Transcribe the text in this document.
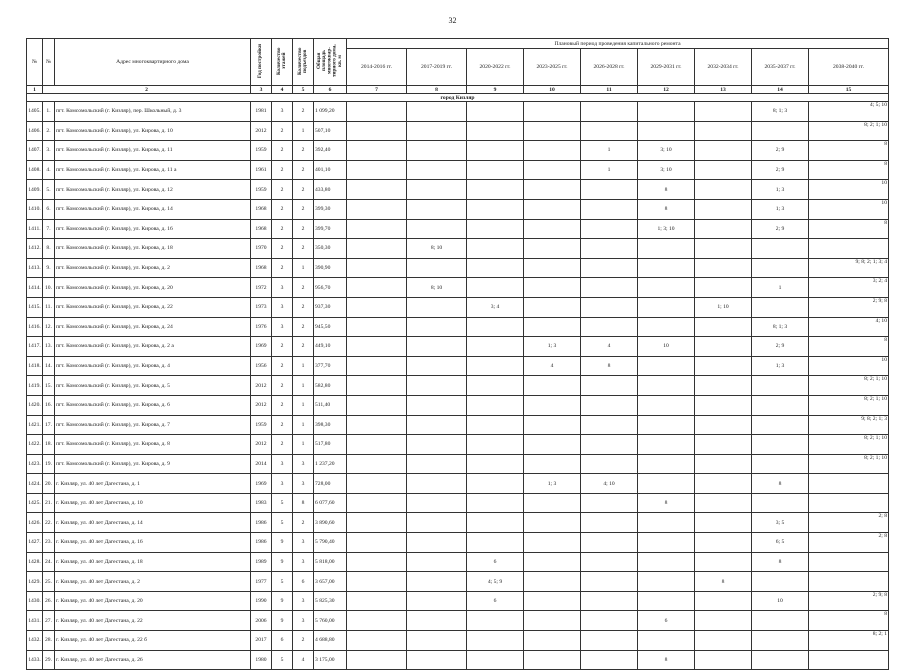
32
№	№	Адрес многоквартирного дома	Год постройки	Количество этажей	Количество подъездов	Общая площадь многоквар-тирного дома, кв. м	Плановый период проведения капитального ремонта								
							2014-2016 гг.	2017-2019 гг.	2020-2022 гг.	2023-2025 гг.	2026-2028 гг.	2029-2031 гг.	2032-2034 гг.	2035-2037 гг.	2038-2040 гг.
1	2		3	4	5	6	7	8	9	10	11	12	13	14	15
город Кизляр															
1405.	1.	пгт. Комсомольский (г. Кизляр), пер. Школьный, д. 3	1981	3	2	1 099,20								8; 1; 3	4; 5; 10
1406.	2.	пгт. Комсомольский (г. Кизляр), ул. Кирова, д. 10	2012	2	1	507,10									8; 2; 1; 10
1407.	3.	пгт. Комсомольский (г. Кизляр), ул. Кирова, д. 11	1959	2	2	392,40					1	3; 10		2; 9	8
1408.	4.	пгт. Комсомольский (г. Кизляр), ул. Кирова, д. 11 а	1961	2	2	401,10					1	3; 10		2; 9	8
1409.	5.	пгт. Комсомольский (г. Кизляр), ул. Кирова, д. 12	1959	2	2	433,80						8		1; 3	10
1410.	6.	пгт. Комсомольский (г. Кизляр), ул. Кирова, д. 14	1968	2	2	399,30						8		1; 3	10
1411.	7.	пгт. Комсомольский (г. Кизляр), ул. Кирова, д. 16	1968	2	2	399,70						1; 3; 10		2; 9	8
1412.	8.	пгт. Комсомольский (г. Кизляр), ул. Кирова, д. 18	1970	2	2	350,30		8; 10							
1413.	9.	пгт. Комсомольский (г. Кизляр), ул. Кирова, д. 2	1968	2	1	390,90									9; 8; 2; 1; 3; 4
1414.	10.	пгт. Комсомольский (г. Кизляр), ул. Кирова, д. 20	1972	3	2	956,70		8; 10						1	3; 2; 4
1415.	11.	пгт. Комсомольский (г. Кизляр), ул. Кирова, д. 22	1973	3	2	937,30			3; 4				1; 10		2; 9; 8
1416.	12.	пгт. Комсомольский (г. Кизляр), ул. Кирова, д. 24	1976	3	2	945,50								8; 1; 3	4; 10
1417.	13.	пгт. Комсомольский (г. Кизляр), ул. Кирова, д. 2 а	1969	2	2	449,10				1; 3	4	10		2; 9	8
1418.	14.	пгт. Комсомольский (г. Кизляр), ул. Кирова, д. 4	1956	2	1	377,70				4	8			1; 3	10
1419.	15.	пгт. Комсомольский (г. Кизляр), ул. Кирова, д. 5	2012	2	1	582,80									8; 2; 1; 10
1420.	16.	пгт. Комсомольский (г. Кизляр), ул. Кирова, д. 6	2012	2	1	511,40									8; 2; 1; 10
1421.	17.	пгт. Комсомольский (г. Кизляр), ул. Кирова, д. 7	1959	2	1	398,30									9; 8; 2; 1; 3
1422.	18.	пгт. Комсомольский (г. Кизляр), ул. Кирова, д. 8	2012	2	1	517,80									8; 2; 1; 10
1423.	19.	пгт. Комсомольский (г. Кизляр), ул. Кирова, д. 9	2014	3	3	1 237,20									8; 2; 1; 10
1424.	20.	г. Кизляр, ул. 40 лет Дагестана, д. 1	1969	3	3	728,00				1; 3	4; 10			8	
1425.	21.	г. Кизляр, ул. 40 лет Дагестана, д. 10	1983	5	8	6 077,60						8			
1426.	22.	г. Кизляр, ул. 40 лет Дагестана, д. 14	1986	5	2	3 890,60								3; 5	2; 8
1427.	23.	г. Кизляр, ул. 40 лет Дагестана, д. 16	1986	9	3	5 790,40								6; 5	2; 8
1428.	24.	г. Кизляр, ул. 40 лет Дагестана, д. 18	1989	9	3	5 818,00			6					8	
1429.	25.	г. Кизляр, ул. 40 лет Дагестана, д. 2	1977	5	6	3 657,00			4; 5; 9				8		
1430.	26.	г. Кизляр, ул. 40 лет Дагестана, д. 20	1990	9	3	5 825,30			6					10	2; 9; 8
1431.	27.	г. Кизляр, ул. 40 лет Дагестана, д. 22	2006	9	3	5 760,00						6			8
1432.	28.	г. Кизляр, ул. 40 лет Дагестана, д. 22 б	2017	6	2	4 688,80									8; 2; 1
1433.	29.	г. Кизляр, ул. 40 лет Дагестана, д. 26	1980	5	4	3 175,00						8			
